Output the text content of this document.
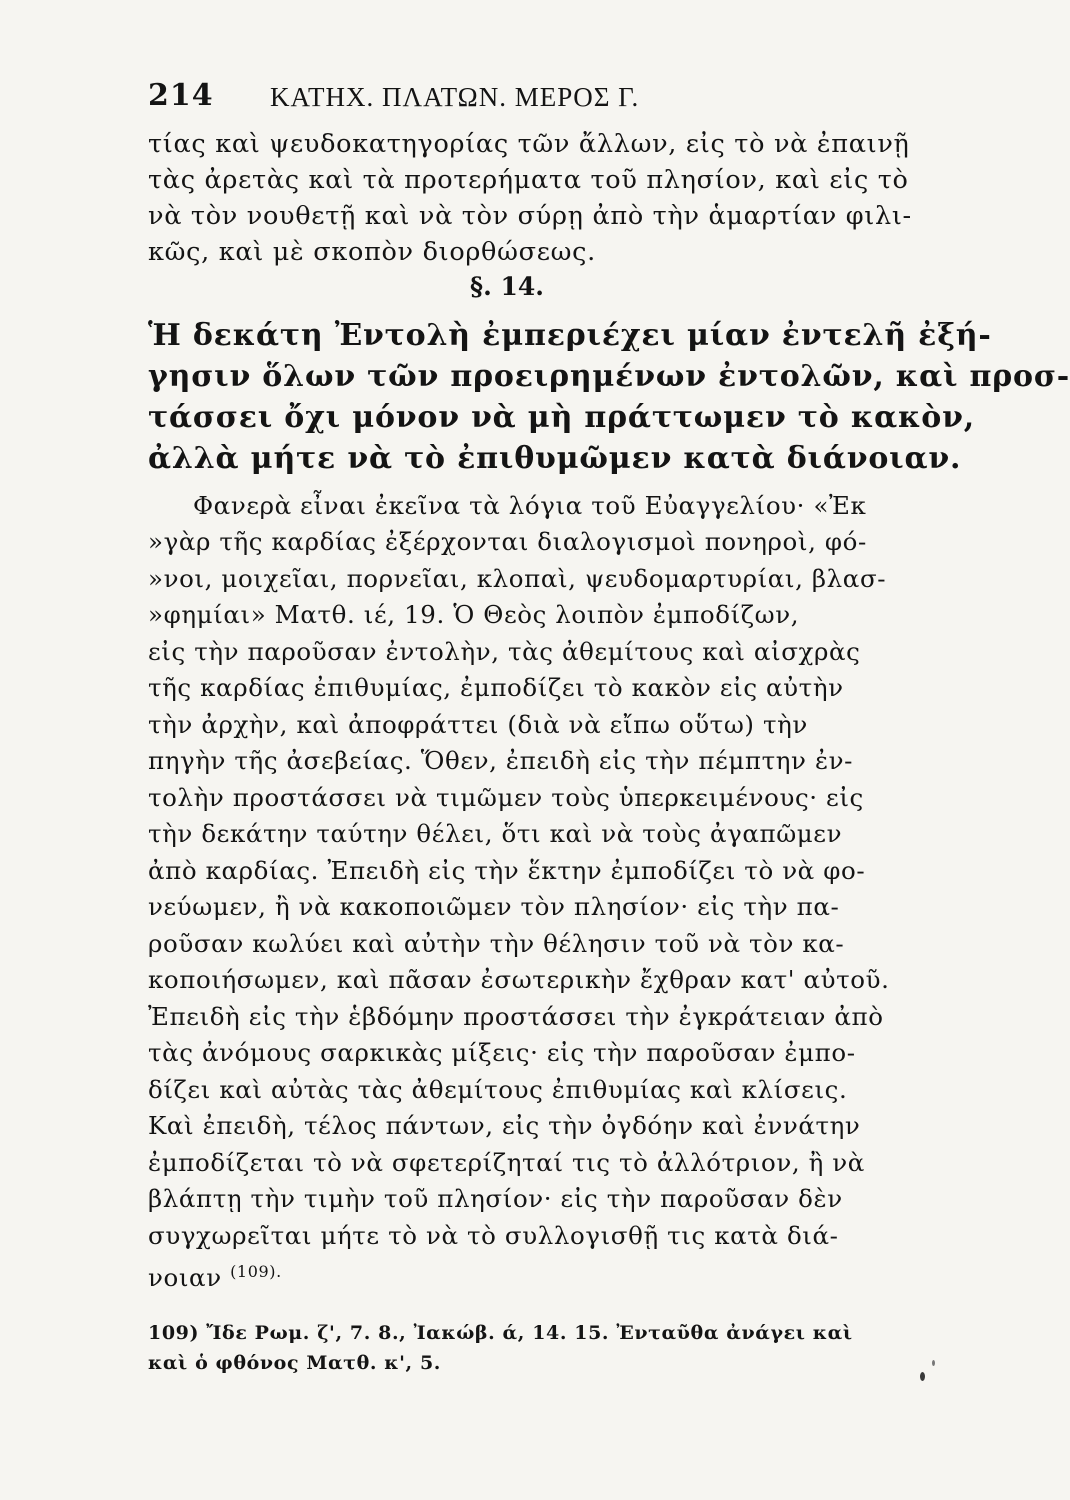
214 ΚΑΤΗΧ. ΠΛΑΤΩΝ. ΜΕΡΟΣ Γ.
τίας καὶ ψευδοκατηγορίας τῶν ἄλλων, εἰς τὸ νὰ ἐπαινῇ
τὰς ἀρετὰς καὶ τὰ προτερήματα τοῦ πλησίον, καὶ εἰς τὸ
νὰ τὸν νουθετῇ καὶ νὰ τὸν σύρῃ ἀπὸ τὴν ἁμαρτίαν φιλι-
κῶς, καὶ μὲ σκοπὸν διορθώσεως.
§. 14.
Ἡ δεκάτη Ἐντολὴ ἐμπεριέχει μίαν ἐντελῆ ἐξή-
γησιν ὅλων τῶν προειρημένων ἐντολῶν, καὶ προσ-
τάσσει ὄχι μόνον νὰ μὴ πράττωμεν τὸ κακὸν,
ἀλλὰ μήτε νὰ τὸ ἐπιθυμῶμεν κατὰ διάνοιαν.
Φανερὰ εἶναι ἐκεῖνα τὰ λόγια τοῦ Εὐαγγελίου· «Ἐκ
»γὰρ τῆς καρδίας ἐξέρχονται διαλογισμοὶ πονηροὶ, φό-
»νοι, μοιχεῖαι, πορνεῖαι, κλοπαὶ, ψευδομαρτυρίαι, βλασ-
»φημίαι» Ματθ. ιέ, 19. Ὁ Θεὸς λοιπὸν ἐμποδίζων,
εἰς τὴν παροῦσαν ἐντολὴν, τὰς ἀθεμίτους καὶ αἰσχρὰς
τῆς καρδίας ἐπιθυμίας, ἐμποδίζει τὸ κακὸν εἰς αὐτὴν
τὴν ἀρχὴν, καὶ ἀποφράττει (διὰ νὰ εἴπω οὕτω) τὴν
πηγὴν τῆς ἀσεβείας. Ὅθεν, ἐπειδὴ εἰς τὴν πέμπτην ἐν-
τολὴν προστάσσει νὰ τιμῶμεν τοὺς ὑπερκειμένους· εἰς
τὴν δεκάτην ταύτην θέλει, ὅτι καὶ νὰ τοὺς ἀγαπῶμεν
ἀπὸ καρδίας. Ἐπειδὴ εἰς τὴν ἕκτην ἐμποδίζει τὸ νὰ φο-
νεύωμεν, ἢ νὰ κακοποιῶμεν τὸν πλησίον· εἰς τὴν πα-
ροῦσαν κωλύει καὶ αὐτὴν τὴν θέλησιν τοῦ νὰ τὸν κα-
κοποιήσωμεν, καὶ πᾶσαν ἐσωτερικὴν ἔχθραν κατ' αὐτοῦ.
Ἐπειδὴ εἰς τὴν ἑβδόμην προστάσσει τὴν ἐγκράτειαν ἀπὸ
τὰς ἀνόμους σαρκικὰς μίξεις· εἰς τὴν παροῦσαν ἐμπο-
δίζει καὶ αὐτὰς τὰς ἀθεμίτους ἐπιθυμίας καὶ κλίσεις.
Καὶ ἐπειδὴ, τέλος πάντων, εἰς τὴν ὀγδόην καὶ ἐννάτην
ἐμποδίζεται τὸ νὰ σφετερίζηταί τις τὸ ἀλλότριον, ἢ νὰ
βλάπτῃ τὴν τιμὴν τοῦ πλησίον· εἰς τὴν παροῦσαν δὲν
συγχωρεῖται μήτε τὸ νὰ τὸ συλλογισθῇ τις κατὰ διά-
νοιαν $^{(109).}$
109) Ἴδε Ρωμ. ζ', 7. 8., Ἰακώβ. ά, 14. 15. Ἐνταῦθα ἀνάγει καὶ
καὶ ὁ φθόνος Ματθ. κ', 5.
